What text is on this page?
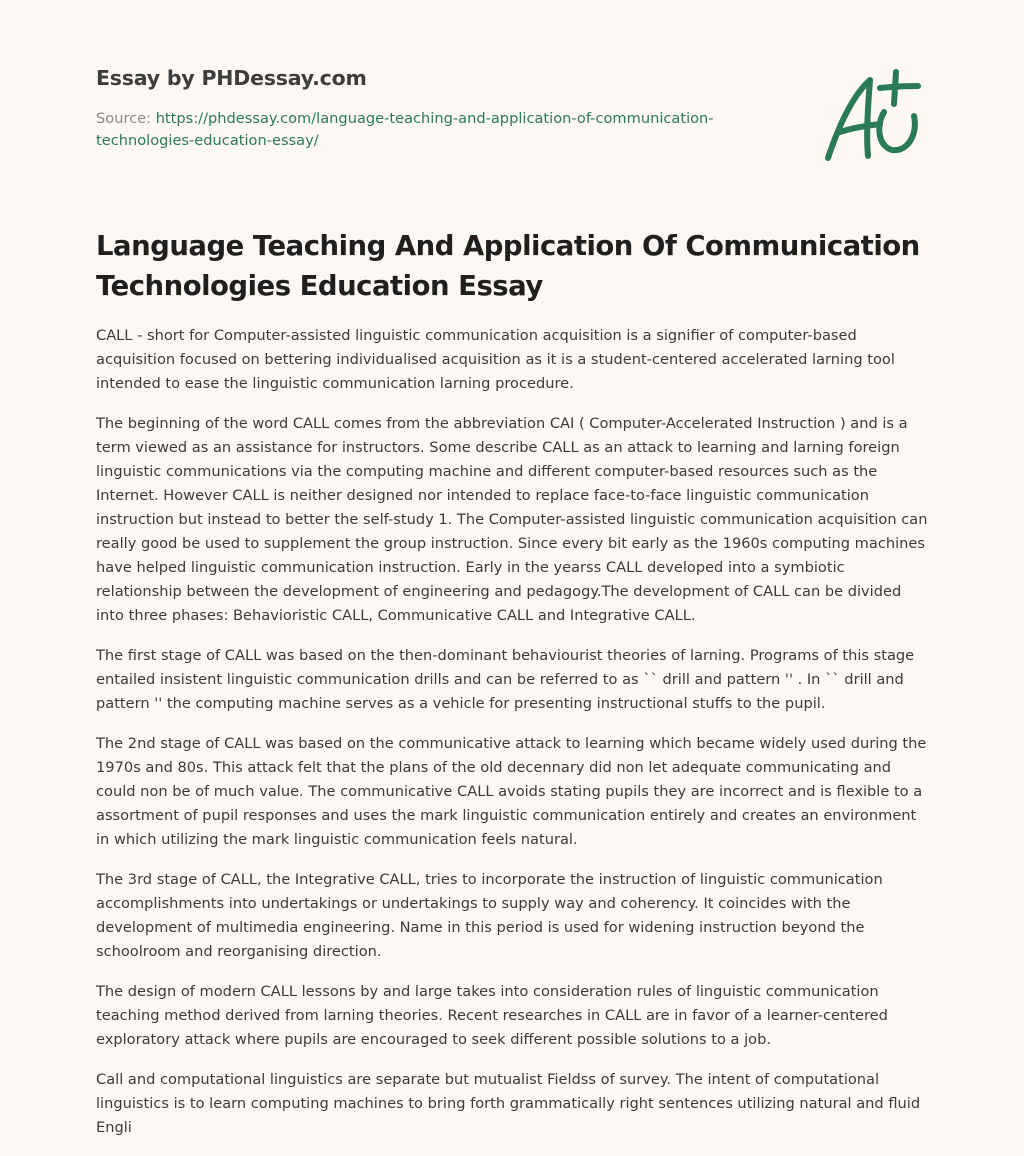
Essay by PHDessay.com
Source: https://phdessay.com/language-teaching-and-application-of-communication-technologies-education-essay/
Language Teaching And Application Of Communication Technologies Education Essay

CALL - short for Computer-assisted linguistic communication acquisition is a signifier of computer-based acquisition focused on bettering individualised acquisition as it is a student-centered accelerated larning tool intended to ease the linguistic communication larning procedure.

The beginning of the word CALL comes from the abbreviation CAI ( Computer-Accelerated Instruction ) and is a term viewed as an assistance for instructors. Some describe CALL as an attack to learning and larning foreign linguistic communications via the computing machine and different computer-based resources such as the Internet. However CALL is neither designed nor intended to replace face-to-face linguistic communication instruction but instead to better the self-study 1. The Computer-assisted linguistic communication acquisition can really good be used to supplement the group instruction. Since every bit early as the 1960s computing machines have helped linguistic communication instruction. Early in the yearss CALL developed into a symbiotic relationship between the development of engineering and pedagogy.The development of CALL can be divided into three phases: Behavioristic CALL, Communicative CALL and Integrative CALL.

The first stage of CALL was based on the then-dominant behaviourist theories of larning. Programs of this stage entailed insistent linguistic communication drills and can be referred to as `` drill and pattern '' . In `` drill and pattern '' the computing machine serves as a vehicle for presenting instructional stuffs to the pupil.

The 2nd stage of CALL was based on the communicative attack to learning which became widely used during the 1970s and 80s. This attack felt that the plans of the old decennary did non let adequate communicating and could non be of much value. The communicative CALL avoids stating pupils they are incorrect and is flexible to a assortment of pupil responses and uses the mark linguistic communication entirely and creates an environment in which utilizing the mark linguistic communication feels natural.

The 3rd stage of CALL, the Integrative CALL, tries to incorporate the instruction of linguistic communication accomplishments into undertakings or undertakings to supply way and coherency. It coincides with the development of multimedia engineering. Name in this period is used for widening instruction beyond the schoolroom and reorganising direction.

The design of modern CALL lessons by and large takes into consideration rules of linguistic communication teaching method derived from larning theories. Recent researches in CALL are in favor of a learner-centered exploratory attack where pupils are encouraged to seek different possible solutions to a job.

Call and computational linguistics are separate but mutualist Fieldss of survey. The intent of computational linguistics is to learn computing machines to bring forth grammatically right sentences utilizing natural and fluid Engli
